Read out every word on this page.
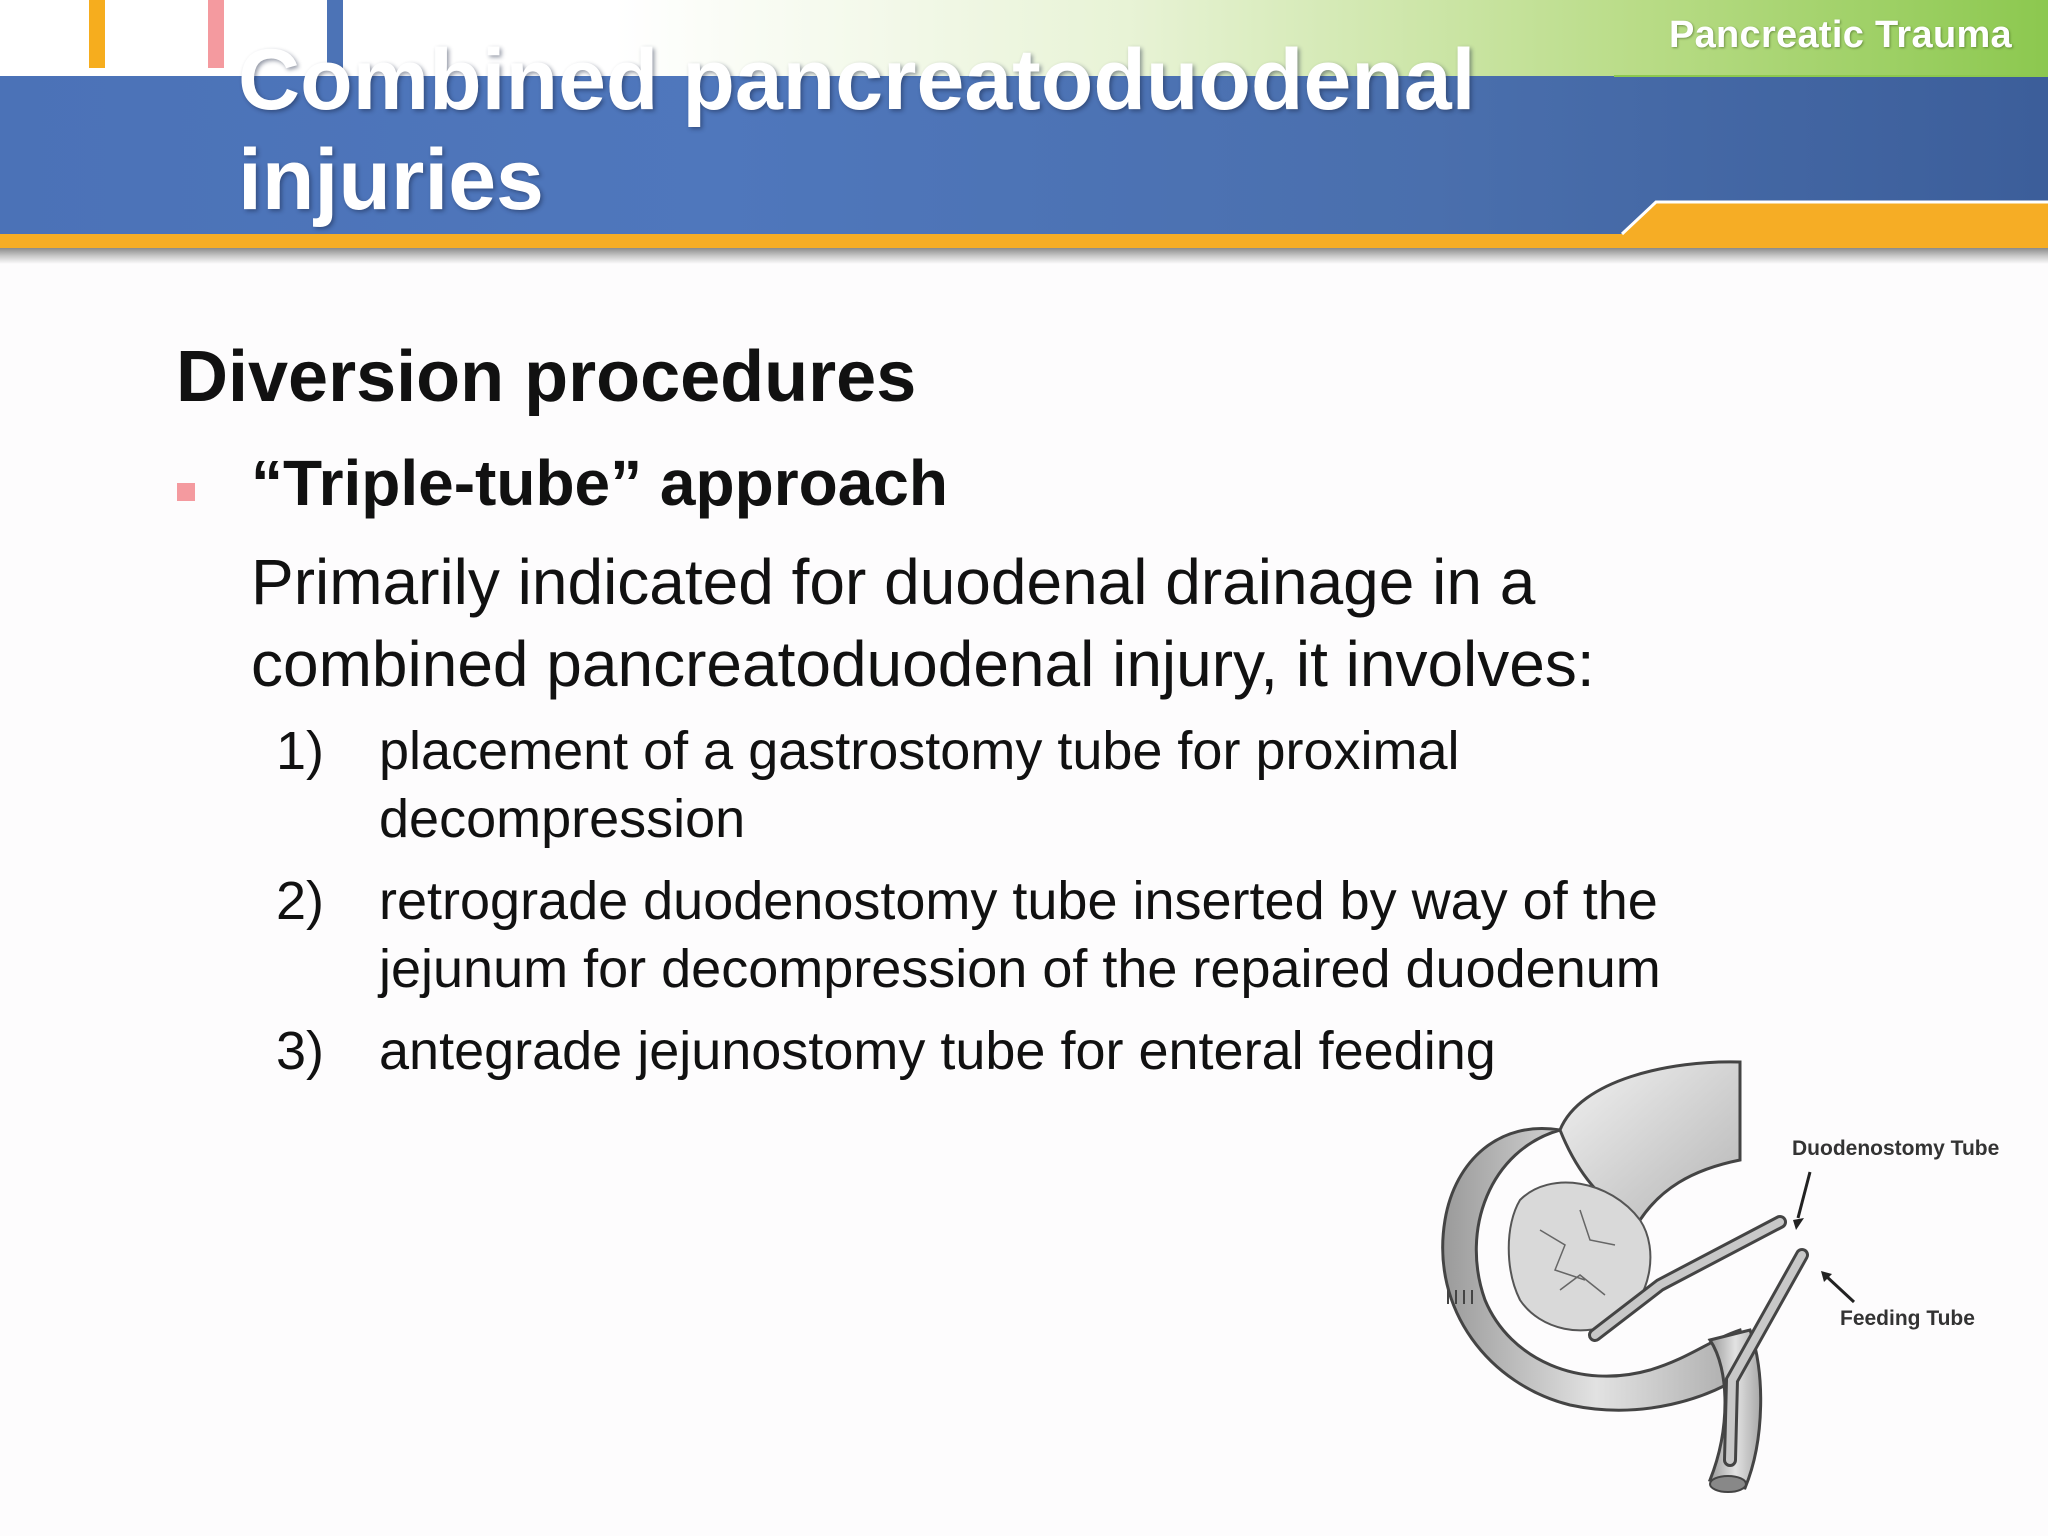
Pancreatic Trauma
Combined pancreatoduodenal injuries
Diversion procedures

“Triple-tube” approach

Primarily indicated for duodenal drainage in a combined pancreatoduodenal injury, it involves:

1) placement of a gastrostomy tube for proximal decompression
2) retrograde duodenostomy tube inserted by way of the jejunum for decompression of the repaired duodenum
3) antegrade jejunostomy tube for enteral feeding
Duodenostomy Tube
Feeding Tube
